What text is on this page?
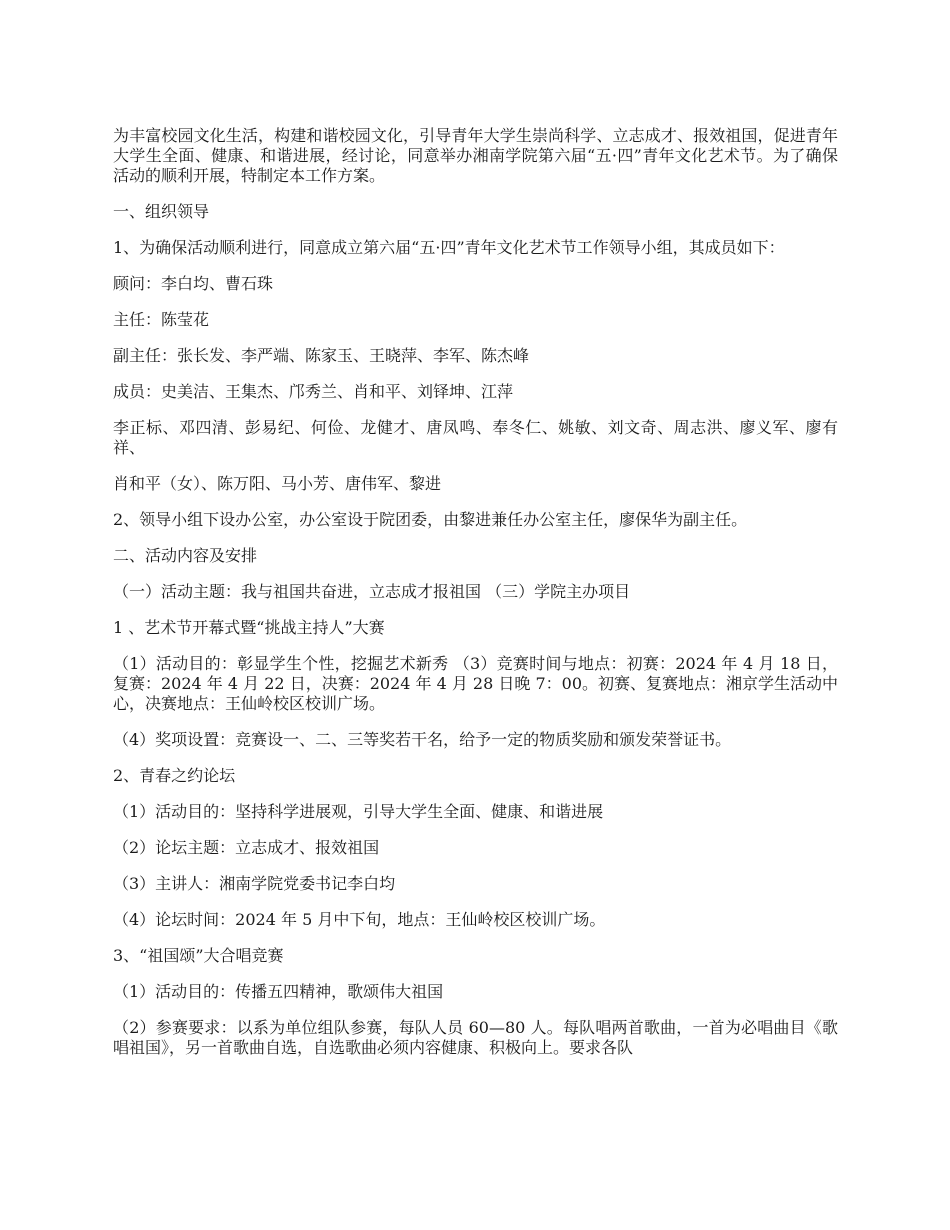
为丰富校园文化生活，构建和谐校园文化，引导青年大学生崇尚科学、立志成才、报效祖国，促进青年大学生全面、健康、和谐进展，经讨论，同意举办湘南学院第六届“五·四”青年文化艺术节。为了确保活动的顺利开展，特制定本工作方案。

一、组织领导

1、为确保活动顺利进行，同意成立第六届“五·四”青年文化艺术节工作领导小组，其成员如下：

顾问：李白均、曹石珠

主任：陈莹花

副主任：张长发、李严端、陈家玉、王晓萍、李军、陈杰峰

成员：史美洁、王集杰、邝秀兰、肖和平、刘铎坤、江萍

李正标、邓四清、彭易纪、何俭、龙健才、唐凤鸣、奉冬仁、姚敏、刘文奇、周志洪、廖义军、廖有祥、

肖和平（女）、陈万阳、马小芳、唐伟军、黎进

2、领导小组下设办公室，办公室设于院团委，由黎进兼任办公室主任，廖保华为副主任。

二、活动内容及安排

（一）活动主题：我与祖国共奋进，立志成才报祖国 （三）学院主办项目

1 、艺术节开幕式暨“挑战主持人”大赛

（1）活动目的：彰显学生个性，挖掘艺术新秀 （3）竞赛时间与地点：初赛：2024 年 4 月 18 日，复赛：2024 年 4 月 22 日，决赛：2024 年 4 月 28 日晚 7：00。初赛、复赛地点：湘京学生活动中心，决赛地点：王仙岭校区校训广场。

（4）奖项设置：竞赛设一、二、三等奖若干名，给予一定的物质奖励和颁发荣誉证书。

2、青春之约论坛

（1）活动目的：坚持科学进展观，引导大学生全面、健康、和谐进展

（2）论坛主题：立志成才、报效祖国

（3）主讲人：湘南学院党委书记李白均

（4）论坛时间：2024 年 5 月中下旬，地点：王仙岭校区校训广场。

3、“祖国颂”大合唱竞赛

（1）活动目的：传播五四精神，歌颂伟大祖国

（2）参赛要求：以系为单位组队参赛，每队人员 60—80 人。每队唱两首歌曲，一首为必唱曲目《歌唱祖国》，另一首歌曲自选，自选歌曲必须内容健康、积极向上。要求各队
